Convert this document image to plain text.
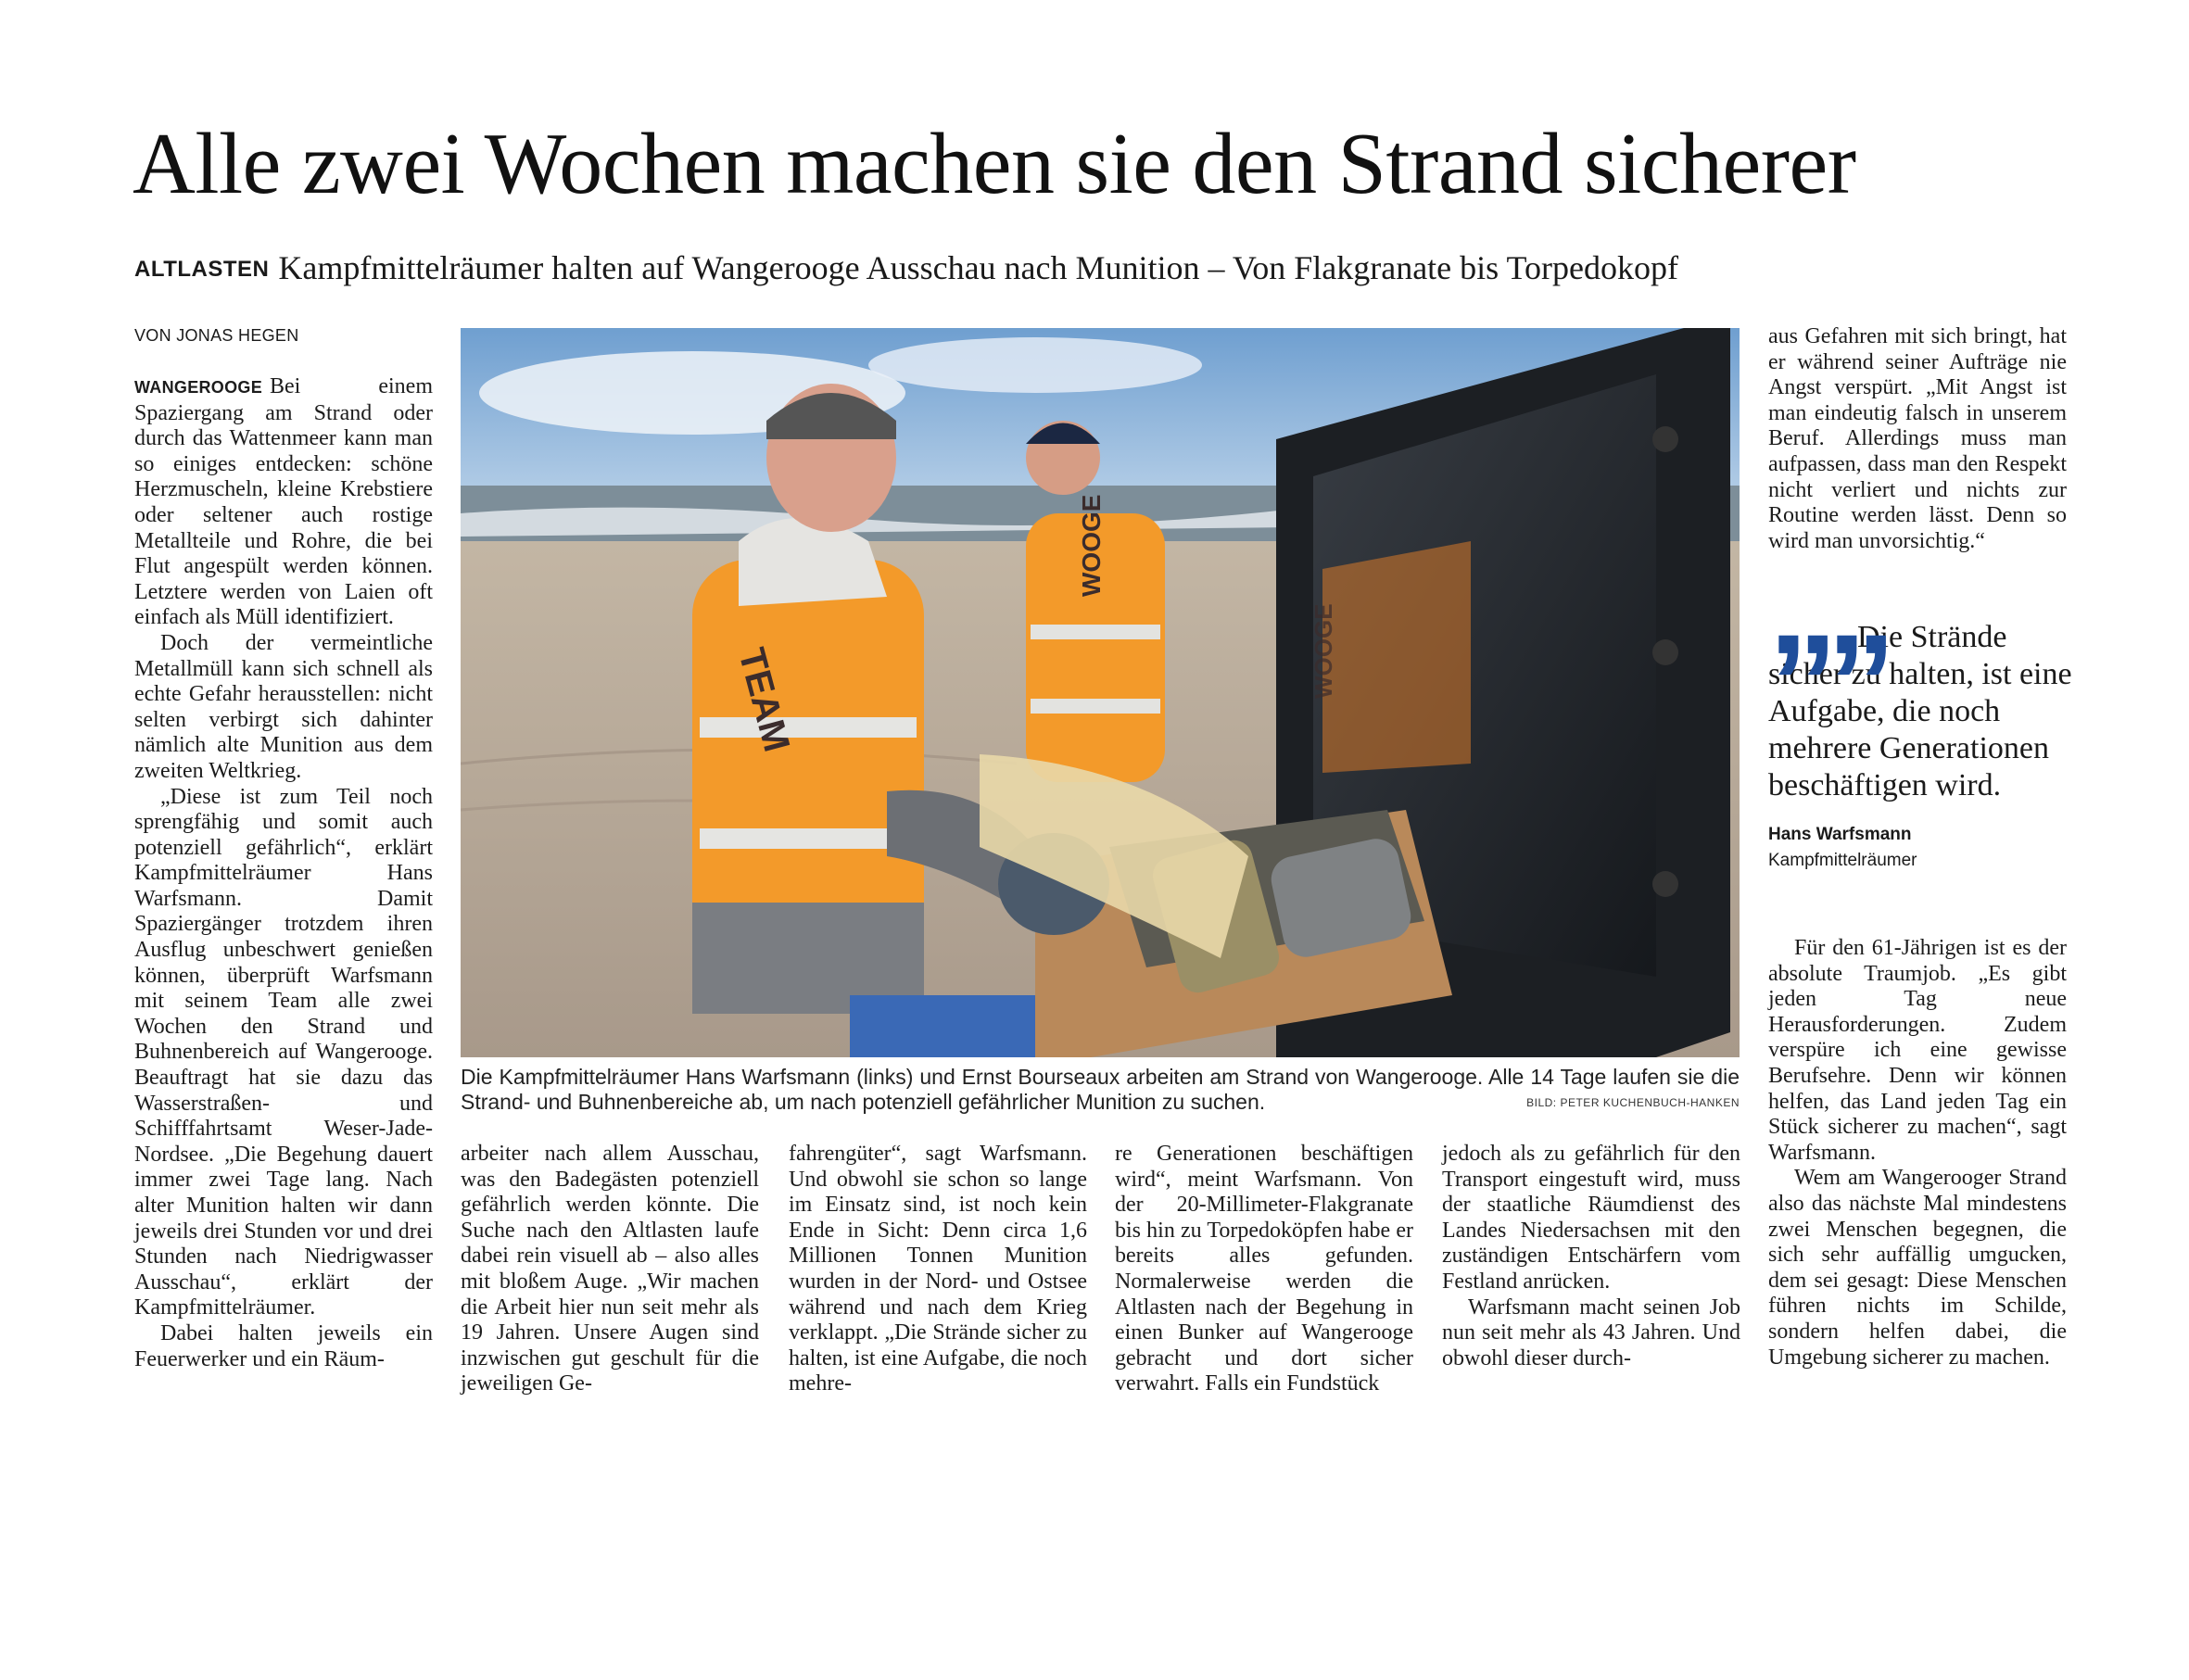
Alle zwei Wochen machen sie den Strand sicherer
ALTLASTEN Kampfmittelräumer halten auf Wangerooge Ausschau nach Munition – Von Flakgranate bis Torpedokopf
VON JONAS HEGEN

WANGEROOGE Bei einem Spaziergang am Strand oder durch das Wattenmeer kann man so einiges entdecken: schöne Herzmuscheln, kleine Krebstiere oder seltener auch rostige Metallteile und Rohre, die bei Flut angespült werden können. Letztere werden von Laien oft einfach als Müll identifiziert.

Doch der vermeintliche Metallmüll kann sich schnell als echte Gefahr herausstellen: nicht selten verbirgt sich dahinter nämlich alte Munition aus dem zweiten Weltkrieg.

„Diese ist zum Teil noch sprengfähig und somit auch potenziell gefährlich“, erklärt Kampfmittelräumer Hans Warfsmann. Damit Spaziergänger trotzdem ihren Ausflug unbeschwert genießen können, überprüft Warfsmann mit seinem Team alle zwei Wochen den Strand und Buhnenbereich auf Wangerooge. Beauftragt hat sie dazu das Wasserstraßen- und Schifffahrtsamt Weser-Jade-Nordsee. „Die Begehung dauert immer zwei Tage lang. Nach alter Munition halten wir dann jeweils drei Stunden vor und drei Stunden nach Niedrigwasser Ausschau“, erklärt der Kampfmittelräumer.

Dabei halten jeweils ein Feuerwerker und ein Räum-

WOOGE
TEAM	WOOGE
Die Kampfmittelräumer Hans Warfsmann (links) und Ernst Bourseaux arbeiten am Strand von Wangerooge. Alle 14 Tage laufen sie die Strand- und Buhnenbereiche ab, um nach potenziell gefährlicher Munition zu suchen.	BILD: PETER KUCHENBUCH-HANKEN

arbeiter nach allem Ausschau, was den Badegästen potenziell gefährlich werden könnte. Die Suche nach den Altlasten laufe dabei rein visuell ab – also alles mit bloßem Auge. „Wir machen die Arbeit hier nun seit mehr als 19 Jahren. Unsere Augen sind inzwischen gut geschult für die jeweiligen Ge-

fahrengüter“, sagt Warfsmann. Und obwohl sie schon so lange im Einsatz sind, ist noch kein Ende in Sicht: Denn circa 1,6 Millionen Tonnen Munition wurden in der Nord- und Ostsee während und nach dem Krieg verklappt. „Die Strände sicher zu halten, ist eine Aufgabe, die noch mehre-

re Generationen beschäftigen wird“, meint Warfsmann. Von der 20-Millimeter-Flakgranate bis hin zu Torpedoköpfen habe er bereits alles gefunden. Normalerweise werden die Altlasten nach der Begehung in einen Bunker auf Wangerooge gebracht und dort sicher verwahrt. Falls ein Fundstück

jedoch als zu gefährlich für den Transport eingestuft wird, muss der staatliche Räumdienst des Landes Niedersachsen mit den zuständigen Entschärfern vom Festland anrücken.

Warfsmann macht seinen Job nun seit mehr als 43 Jahren. Und obwohl dieser durch-

aus Gefahren mit sich bringt, hat er während seiner Aufträge nie Angst verspürt. „Mit Angst ist man eindeutig falsch in unserem Beruf. Allerdings muss man aufpassen, dass man den Respekt nicht verliert und nichts zur Routine werden lässt. Denn so wird man unvorsichtig.“

””
Die Strände sicher zu halten, ist eine Aufgabe, die noch mehrere Generationen beschäftigen wird.
Hans Warfsmann
Kampfmittelräumer

Für den 61-Jährigen ist es der absolute Traumjob. „Es gibt jeden Tag neue Herausforderungen. Zudem verspüre ich eine gewisse Berufsehre. Denn wir können helfen, das Land jeden Tag ein Stück sicherer zu machen“, sagt Warfsmann.

Wem am Wangerooger Strand also das nächste Mal mindestens zwei Menschen begegnen, die sich sehr auffällig umgucken, dem sei gesagt: Diese Menschen führen nichts im Schilde, sondern helfen dabei, die Umgebung sicherer zu machen.
